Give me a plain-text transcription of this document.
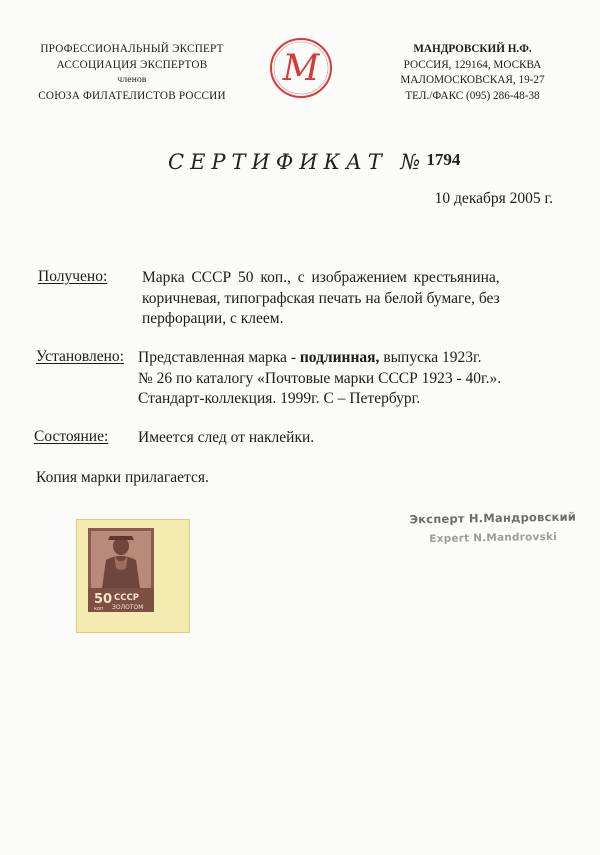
ПРОФЕССИОНАЛЬНЫЙ ЭКСПЕРТ
АССОЦИАЦИЯ ЭКСПЕРТОВ
членов
СОЮЗА ФИЛАТЕЛИСТОВ РОССИИ
М	МАНДРОВСКИЙ Н.Ф.
РОССИЯ, 129164, МОСКВА
МАЛОМОСКОВСКАЯ, 19-27
ТЕЛ./ФАКС (095) 286-48-38
СЕРТИФИКАТ №1794
10 декабря 2005 г.
Получено: Марка СССР 50 коп., с изображением крестьянина,
коричневая, типографская печать на белой бумаге, без
перфорации, с клеем.
Установлено: Представленная марка - подлинная, выпуска 1923г.
№ 26 по каталогу «Почтовые марки СССР 1923 - 40г.».
Стандарт-коллекция. 1999г. С – Петербург.
Состояние: Имеется след от наклейки.
Копия марки прилагается.
50
коп
СССР
ЗОЛОТОМ
Эксперт Н.Мандровский
Expert N.Mandrovski
